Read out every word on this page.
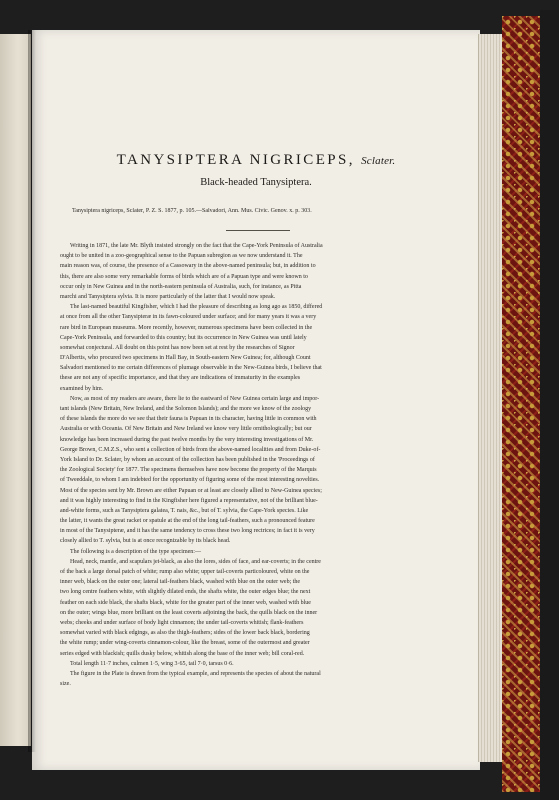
TANYSIPTERA NIGRICEPS, Sclater.
Black-headed Tanysiptera.
Tanysiptera nigriceps, Sclater, P. Z. S. 1877, p. 105.—Salvadori, Ann. Mus. Civic. Genov. x. p. 303.

Writing in 1871, the late Mr. Blyth insisted strongly on the fact that the Cape-York Peninsula of Australia

ought to be united in a zoo-geographical sense to the Papuan subregion as we now understand it. The

main reason was, of course, the presence of a Cassowary in the above-named peninsula; but, in addition to

this, there are also some very remarkable forms of birds which are of a Papuan type and were known to

occur only in New Guinea and in the north-eastern peninsula of Australia, such, for instance, as Pitta

marchi and Tanysiptera sylvia. It is more particularly of the latter that I would now speak.

The last-named beautiful Kingfisher, which I had the pleasure of describing as long ago as 1850, differed

at once from all the other Tanysipteræ in its fawn-coloured under surface; and for many years it was a very

rare bird in European museums. More recently, however, numerous specimens have been collected in the

Cape-York Peninsula, and forwarded to this country; but its occurrence in New Guinea was until lately

somewhat conjectural. All doubt on this point has now been set at rest by the researches of Signor

D'Albertis, who procured two specimens in Hall Bay, in South-eastern New Guinea; for, although Count

Salvadori mentioned to me certain differences of plumage observable in the New-Guinea birds, I believe that

these are not any of specific importance, and that they are indications of immaturity in the examples

examined by him.

Now, as most of my readers are aware, there lie to the eastward of New Guinea certain large and impor-

tant islands (New Britain, New Ireland, and the Solomon Islands); and the more we know of the zoology

of these islands the more do we see that their fauna is Papuan in its character, having little in common with

Australia or with Oceania. Of New Britain and New Ireland we know very little ornithologically; but our

knowledge has been increased during the past twelve months by the very interesting investigations of Mr.

George Brown, C.M.Z.S., who sent a collection of birds from the above-named localities and from Duke-of-

York Island to Dr. Sclater, by whom an account of the collection has been published in the 'Proceedings of

the Zoological Society' for 1877. The specimens themselves have now become the property of the Marquis

of Tweeddale, to whom I am indebted for the opportunity of figuring some of the most interesting novelties.

Most of the species sent by Mr. Brown are either Papuan or at least are closely allied to New-Guinea species;

and it was highly interesting to find in the Kingfisher here figured a representative, not of the brilliant blue-

and-white forms, such as Tanysiptera galatea, T. nais, &c., but of T. sylvia, the Cape-York species. Like

the latter, it wants the great racket or spatule at the end of the long tail-feathers, such a pronounced feature

in most of the Tanysipteræ, and it has the same tendency to cross these two long rectrices; in fact it is very

closely allied to T. sylvia, but is at once recognizable by its black head.

The following is a description of the type specimen:—

Head, neck, mantle, and scapulars jet-black, as also the lores, sides of face, and ear-coverts; in the centre

of the back a large dorsal patch of white; rump also white; upper tail-coverts particoloured, white on the

inner web, black on the outer one; lateral tail-feathers black, washed with blue on the outer web; the

two long centre feathers white, with slightly dilated ends, the shafts white, the outer edges blue; the next

feather on each side black, the shafts black, white for the greater part of the inner web, washed with blue

on the outer; wings blue, more brilliant on the least coverts adjoining the back, the quills black on the inner

webs; cheeks and under surface of body light cinnamon; the under tail-coverts whitish; flank-feathers

somewhat varied with black edgings, as also the thigh-feathers; sides of the lower back black, bordering

the white rump; under wing-coverts cinnamon-colour, like the breast, some of the outermost and greater

series edged with blackish; quills dusky below, whitish along the base of the inner web; bill coral-red.

Total length 11·7 inches, culmen 1·5, wing 3·65, tail 7·0, tarsus 0·6.

The figure in the Plate is drawn from the typical example, and represents the species of about the natural

size.
